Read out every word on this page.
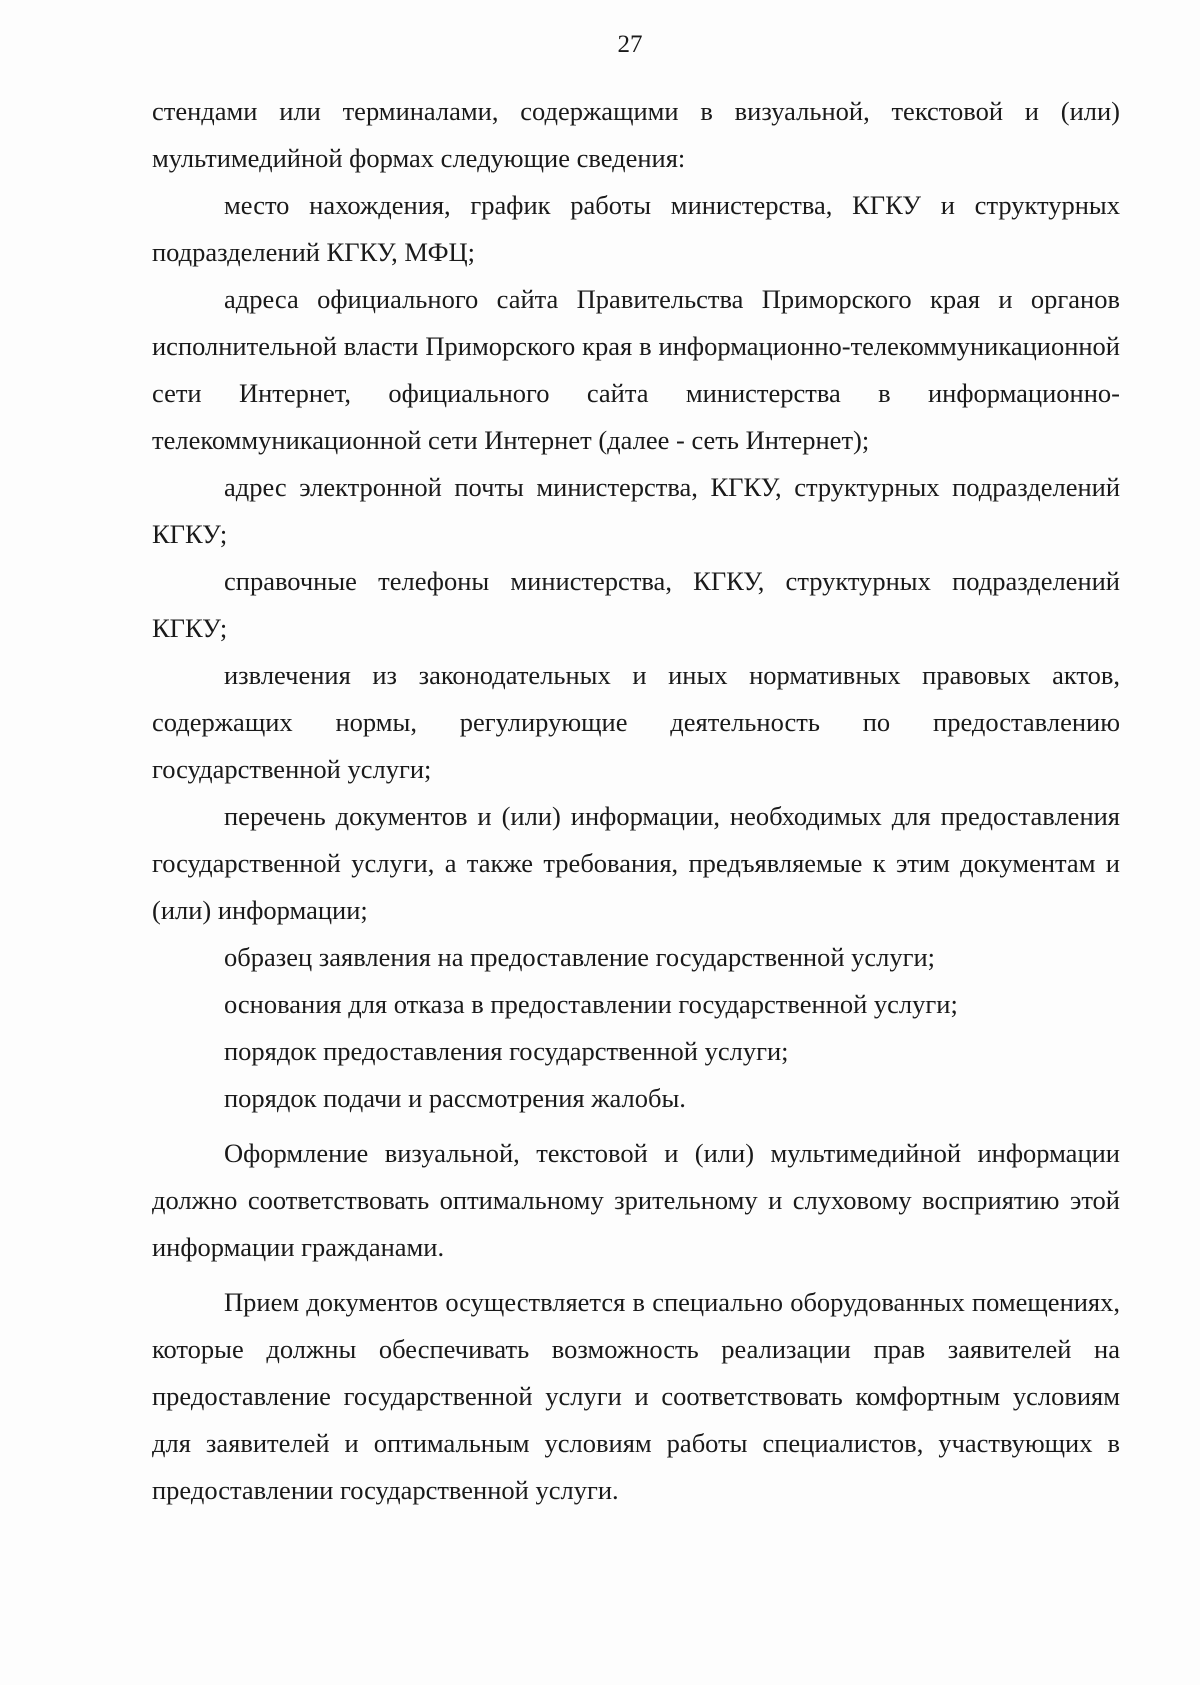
27

стендами или терминалами, содержащими в визуальной, текстовой и (или) мультимедийной формах следующие сведения:

место нахождения, график работы министерства, КГКУ и структурных подразделений КГКУ, МФЦ;

адреса официального сайта Правительства Приморского края и органов исполнительной власти Приморского края в информационно-телекоммуникационной сети Интернет, официального сайта министерства в информационно-телекоммуникационной сети Интернет (далее - сеть Интернет);

адрес электронной почты министерства, КГКУ, структурных подразделений КГКУ;

справочные телефоны министерства, КГКУ, структурных подразделений КГКУ;

извлечения из законодательных и иных нормативных правовых актов, содержащих нормы, регулирующие деятельность по предоставлению государственной услуги;

перечень документов и (или) информации, необходимых для предоставления государственной услуги, а также требования, предъявляемые к этим документам и (или) информации;

образец заявления на предоставление государственной услуги;

основания для отказа в предоставлении государственной услуги;

порядок предоставления государственной услуги;

порядок подачи и рассмотрения жалобы.

Оформление визуальной, текстовой и (или) мультимедийной информации должно соответствовать оптимальному зрительному и слуховому восприятию этой информации гражданами.

Прием документов осуществляется в специально оборудованных помещениях, которые должны обеспечивать возможность реализации прав заявителей на предоставление государственной услуги и соответствовать комфортным условиям для заявителей и оптимальным условиям работы специалистов, участвующих в предоставлении государственной услуги.
